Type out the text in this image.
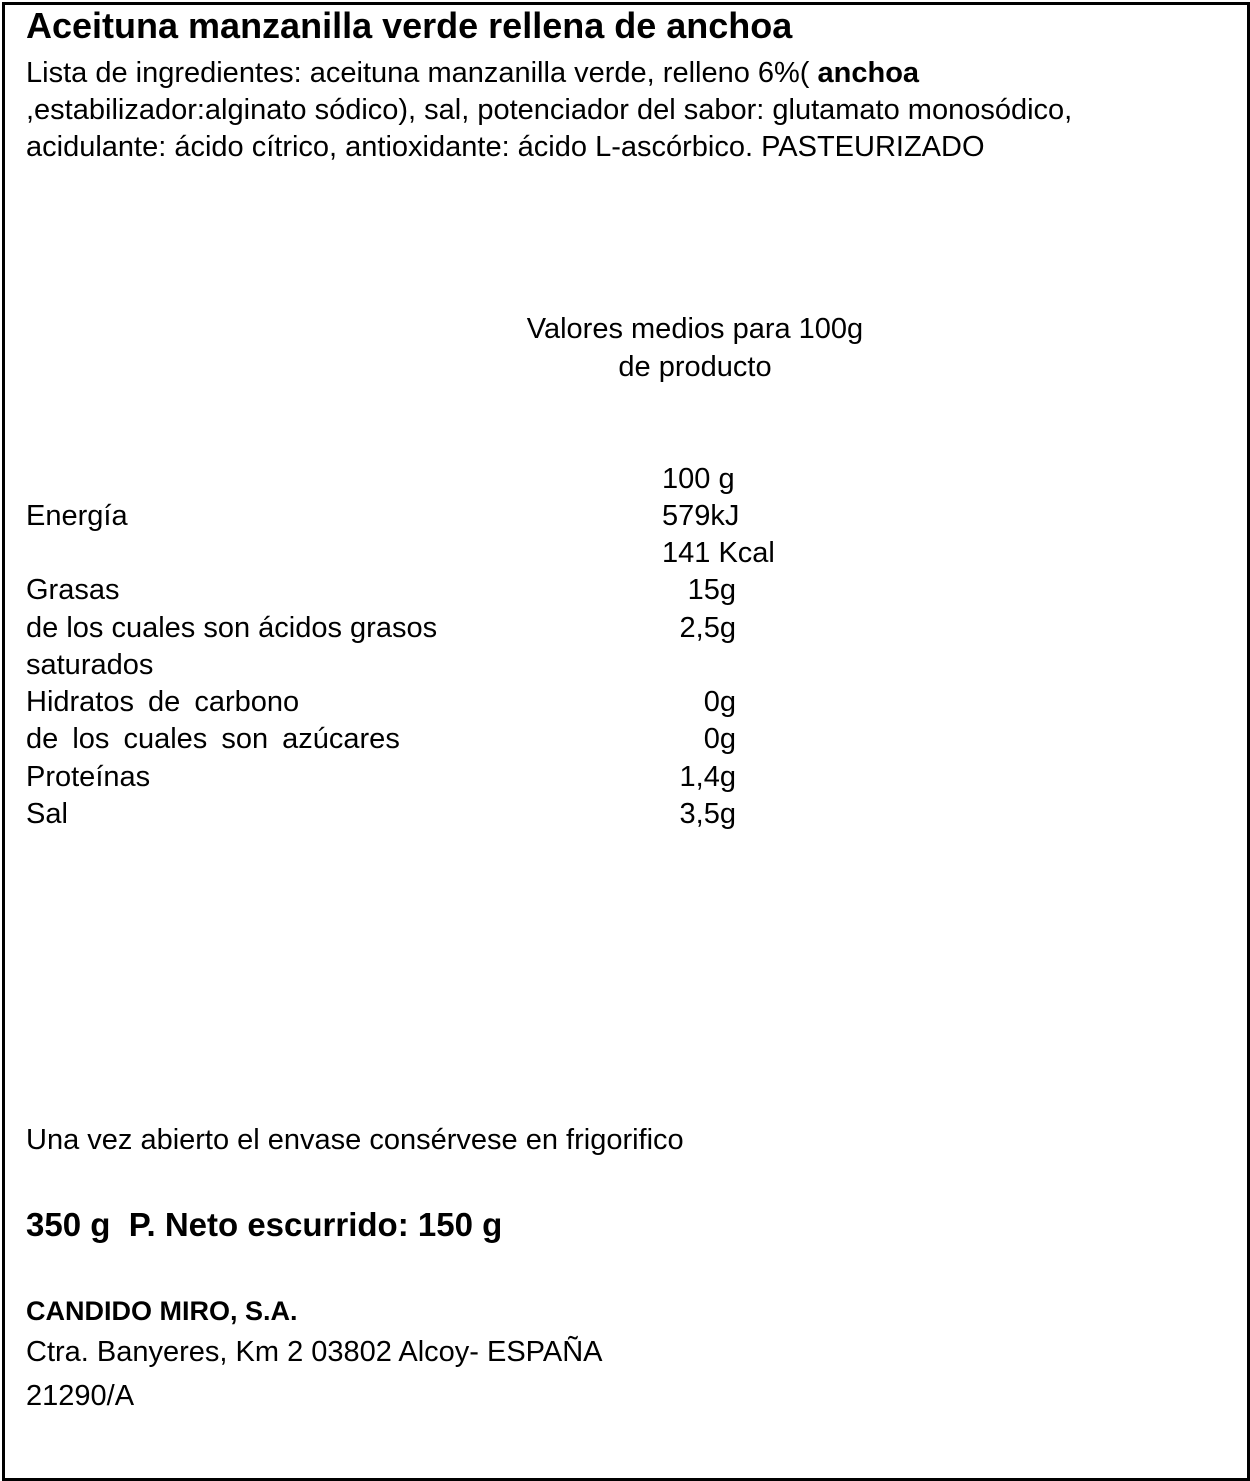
Aceituna manzanilla verde rellena de anchoa
Lista de ingredientes: aceituna manzanilla verde, relleno 6%( anchoa
,estabilizador:alginato sódico), sal, potenciador del sabor: glutamato monosódico,
acidulante: ácido cítrico, antioxidante: ácido L-ascórbico. PASTEURIZADO
Valores medios para 100g
de producto
100 g
Energía	579kJ
141 Kcal
Grasas	15g
de los cuales son ácidos grasos	2,5g
saturados
Hidratos de carbono	0g
de los cuales son azúcares	0g
Proteínas	1,4g
Sal	3,5g
Una vez abierto el envase consérvese en frigorifico
350 g  P. Neto escurrido: 150 g
CANDIDO MIRO, S.A.
Ctra. Banyeres, Km 2 03802 Alcoy- ESPAÑA
21290/A
